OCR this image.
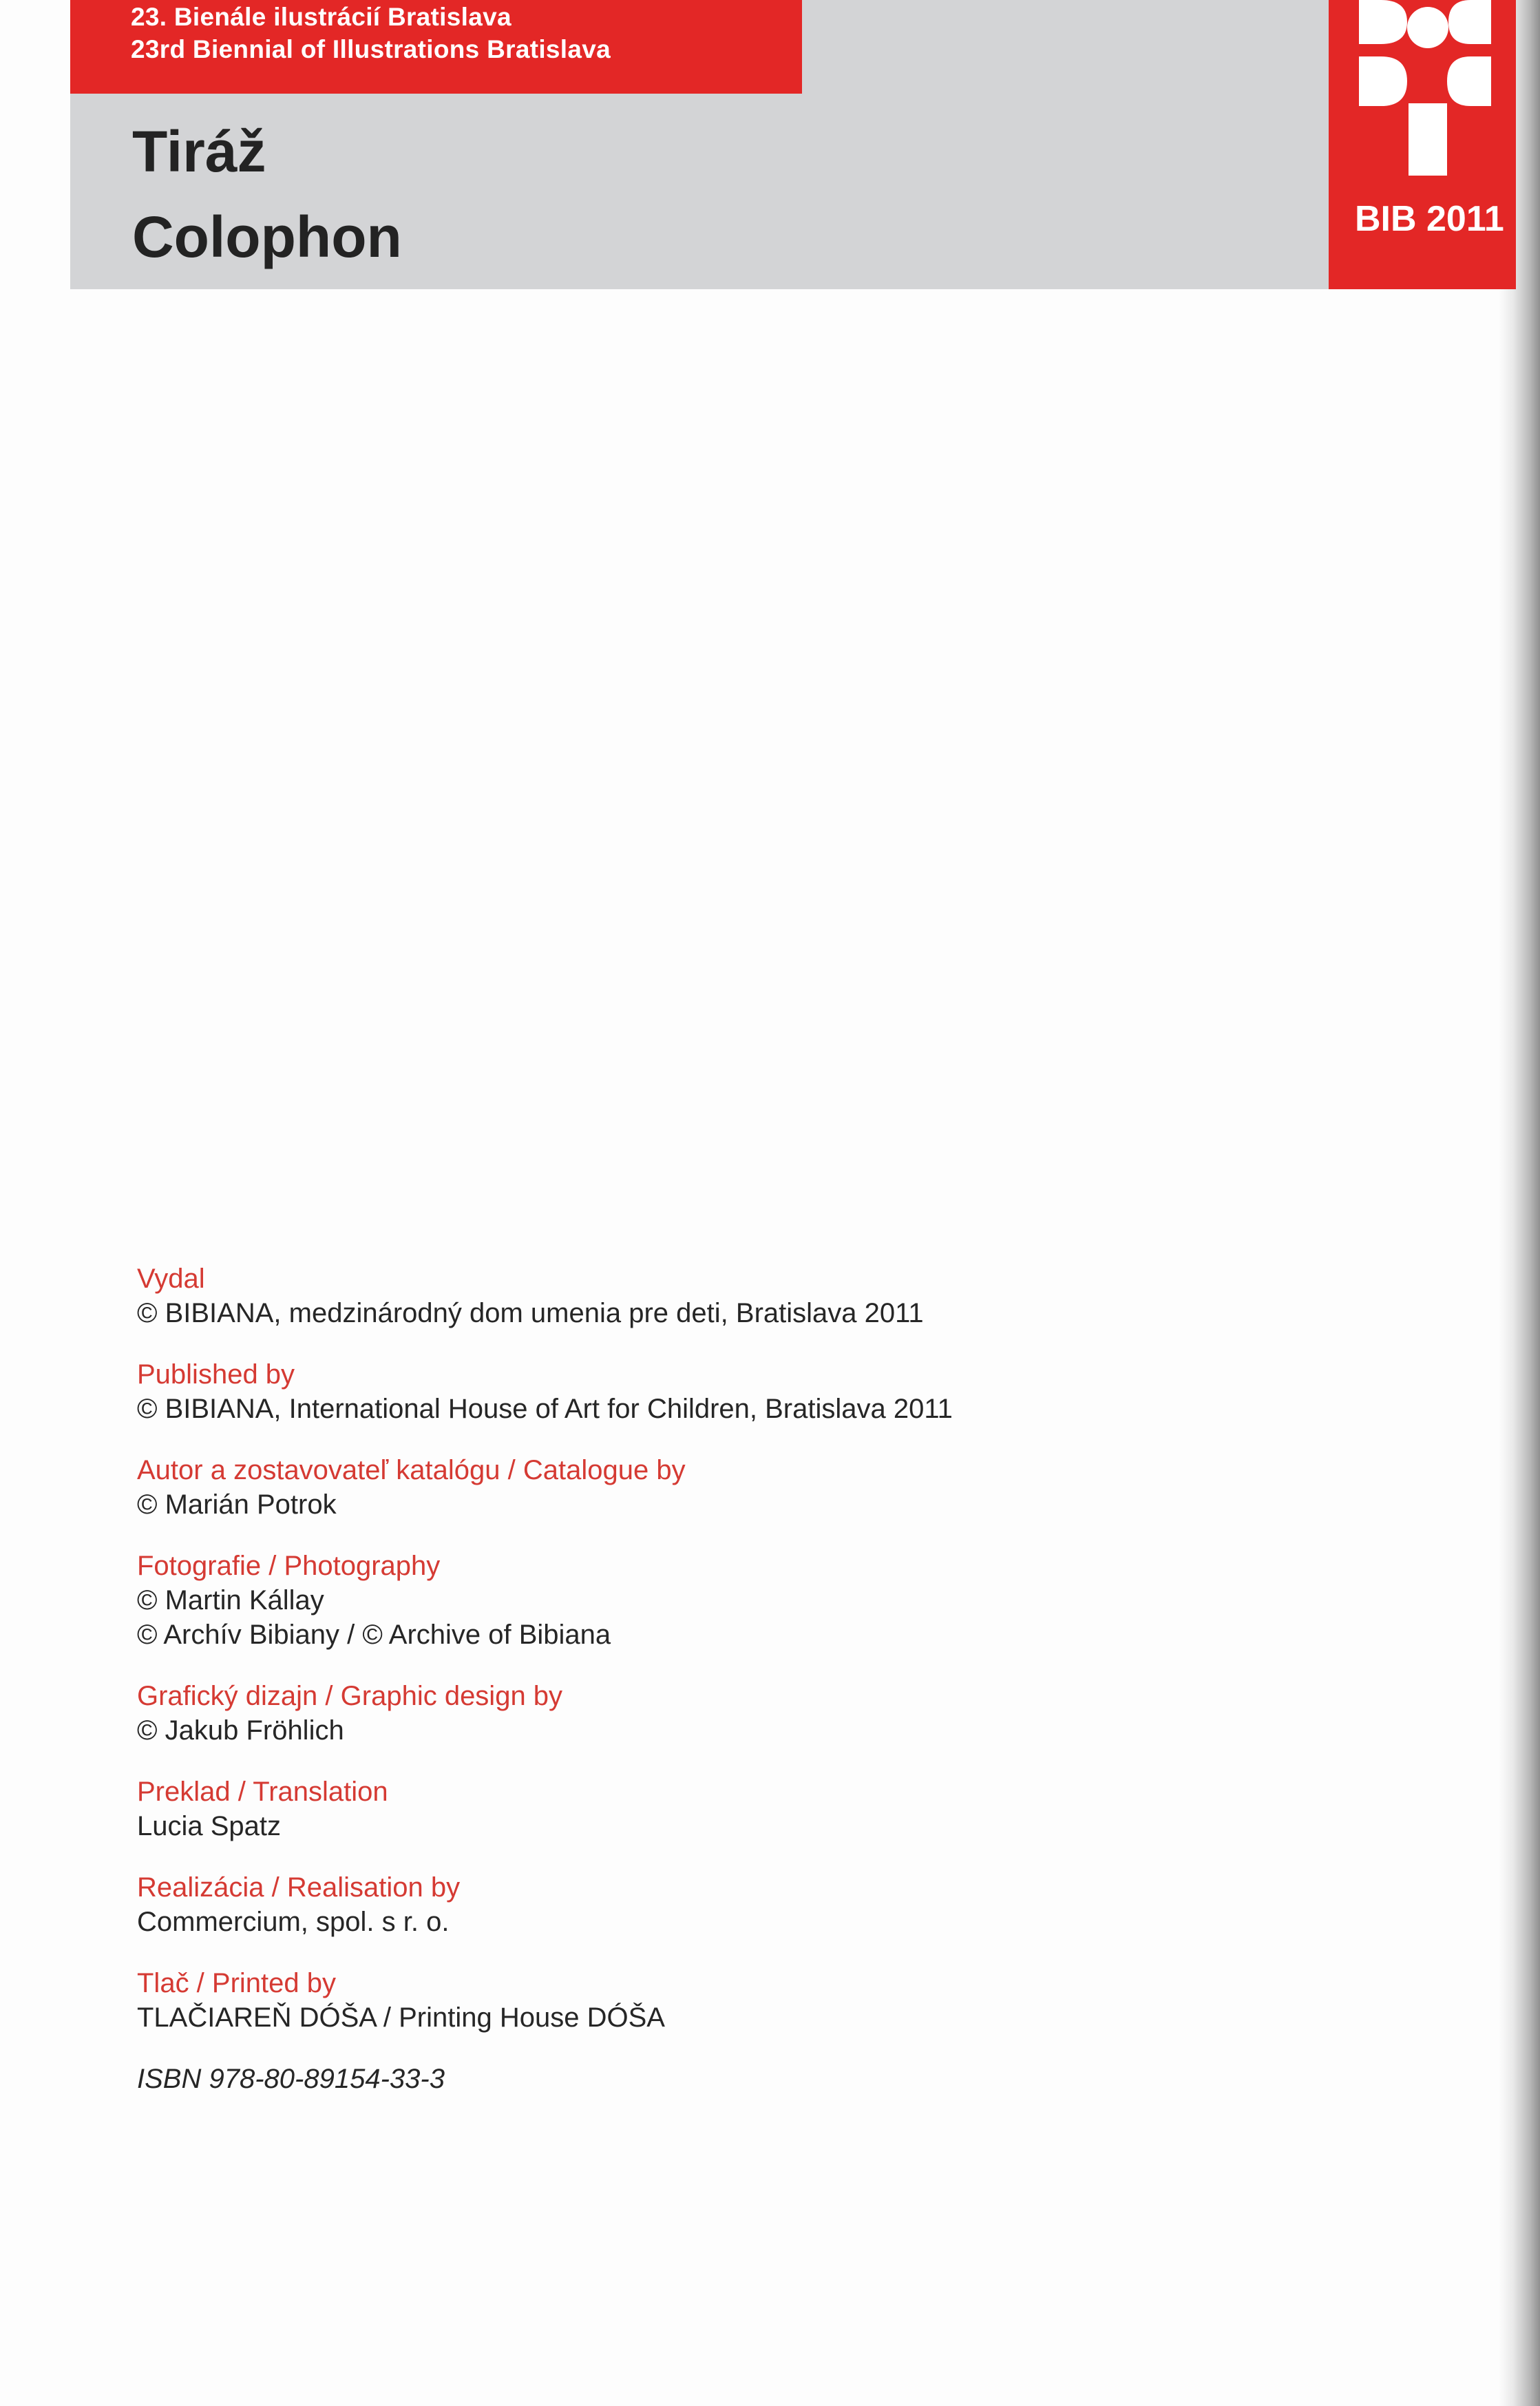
Tiráž
Colophon
23. Bienále ilustrácií Bratislava
23rd Biennial of Illustrations Bratislava
BIB 2011
Vydal
© BIBIANA, medzinárodný dom umenia pre deti, Bratislava 2011
Published by
© BIBIANA, International House of Art for Children, Bratislava 2011
Autor a zostavovateľ katalógu / Catalogue by
© Marián Potrok
Fotografie / Photography
© Martin Kállay
© Archív Bibiany / © Archive of Bibiana
Grafický dizajn / Graphic design by
© Jakub Fröhlich
Preklad / Translation
Lucia Spatz
Realizácia / Realisation by
Commercium, spol. s r. o.
Tlač / Printed by
TLAČIAREŇ DÓŠA / Printing House DÓŠA
ISBN 978-80-89154-33-3
